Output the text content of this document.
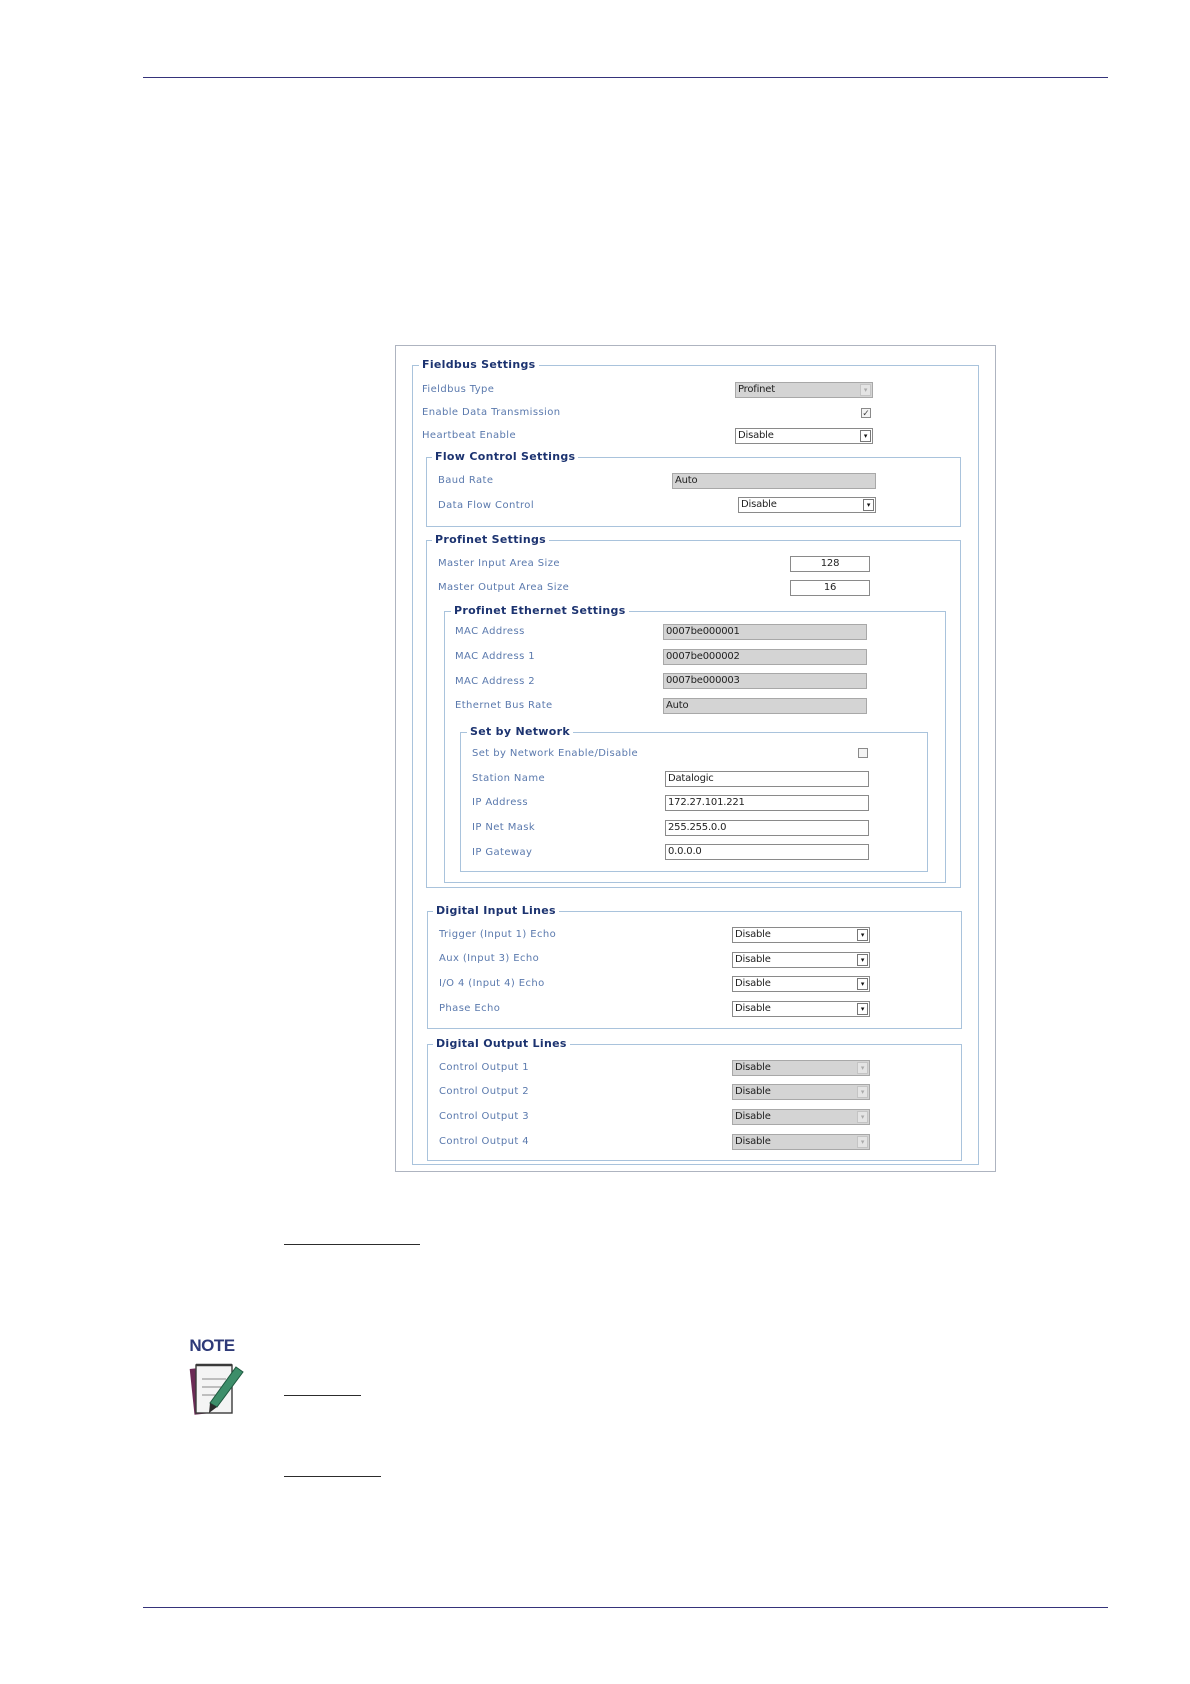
Fieldbus Settings
Fieldbus Type	Profinet	▾
Enable Data Transmission	✓
Heartbeat Enable	Disable	▾
Flow Control Settings
Baud Rate	Auto
Data Flow Control	Disable	▾
Profinet Settings
Master Input Area Size	128
Master Output Area Size	16
Profinet Ethernet Settings
MAC Address	0007be000001
MAC Address 1	0007be000002
MAC Address 2	0007be000003
Ethernet Bus Rate	Auto
Set by Network
Set by Network Enable/Disable
Station Name	Datalogic
IP Address	172.27.101.221
IP Net Mask	255.255.0.0
IP Gateway	0.0.0.0
Digital Input Lines
Trigger (Input 1) Echo	Disable	▾
Aux (Input 3) Echo	Disable	▾
I/O 4 (Input 4) Echo	Disable	▾
Phase Echo	Disable	▾
Digital Output Lines
Control Output 1	Disable	▾
Control Output 2	Disable	▾
Control Output 3	Disable	▾
Control Output 4	Disable	▾
NOTE
